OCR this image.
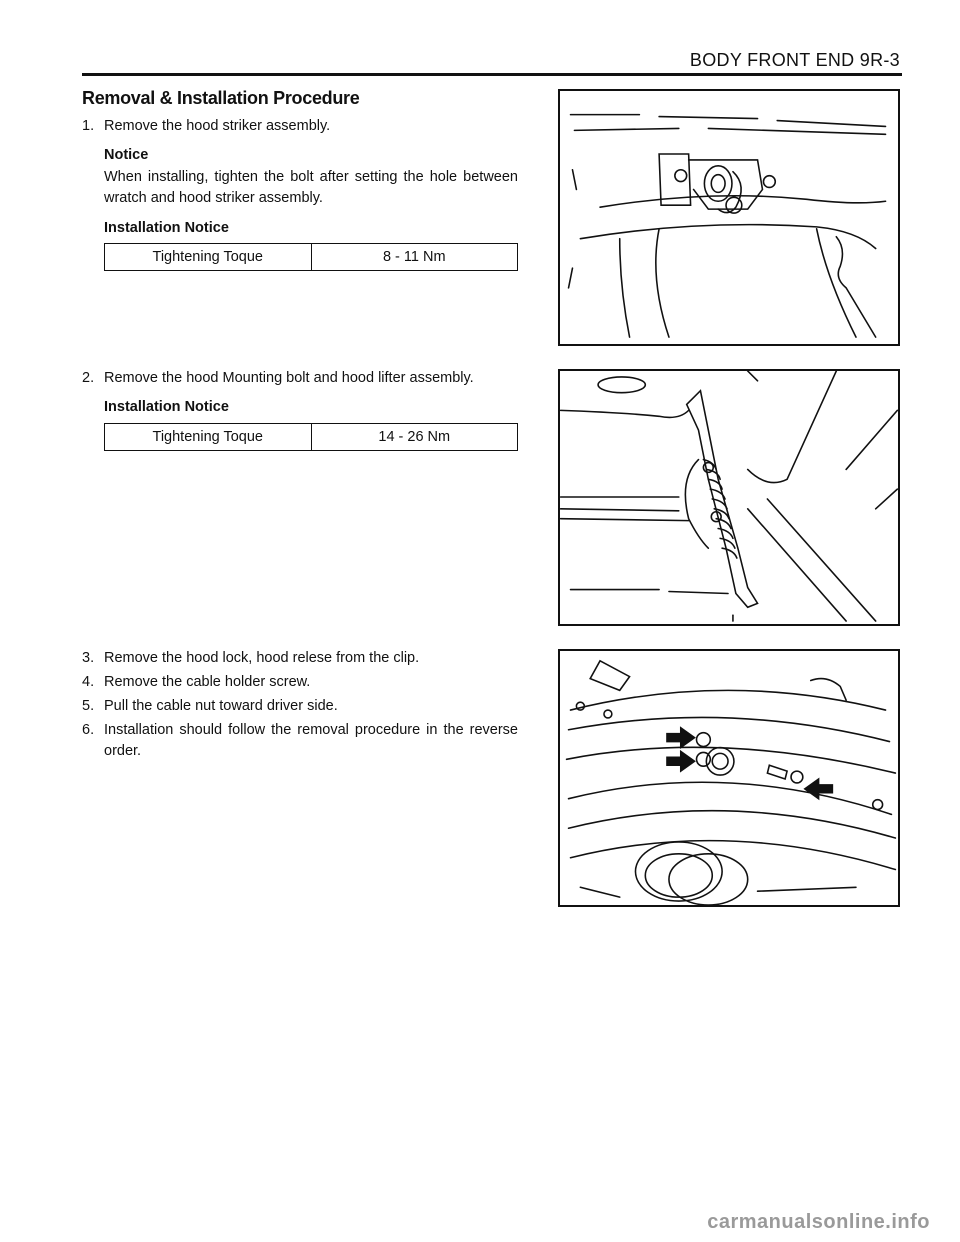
BODY FRONT END 9R-3
Removal & Installation Procedure
1. Remove the hood striker assembly.
Notice
When installing, tighten the bolt after setting the hole between wratch and hood striker assembly.
Installation Notice
Tightening Toque	8 - 11 Nm
2. Remove the hood Mounting bolt and hood lifter assembly.
Installation Notice
Tightening Toque	14 - 26 Nm
3. Remove the hood lock, hood relese from the clip.
4. Remove the cable holder screw.
5. Pull the cable nut toward driver side.
6. Installation should follow the removal procedure in the reverse order.
carmanualsonline.info
